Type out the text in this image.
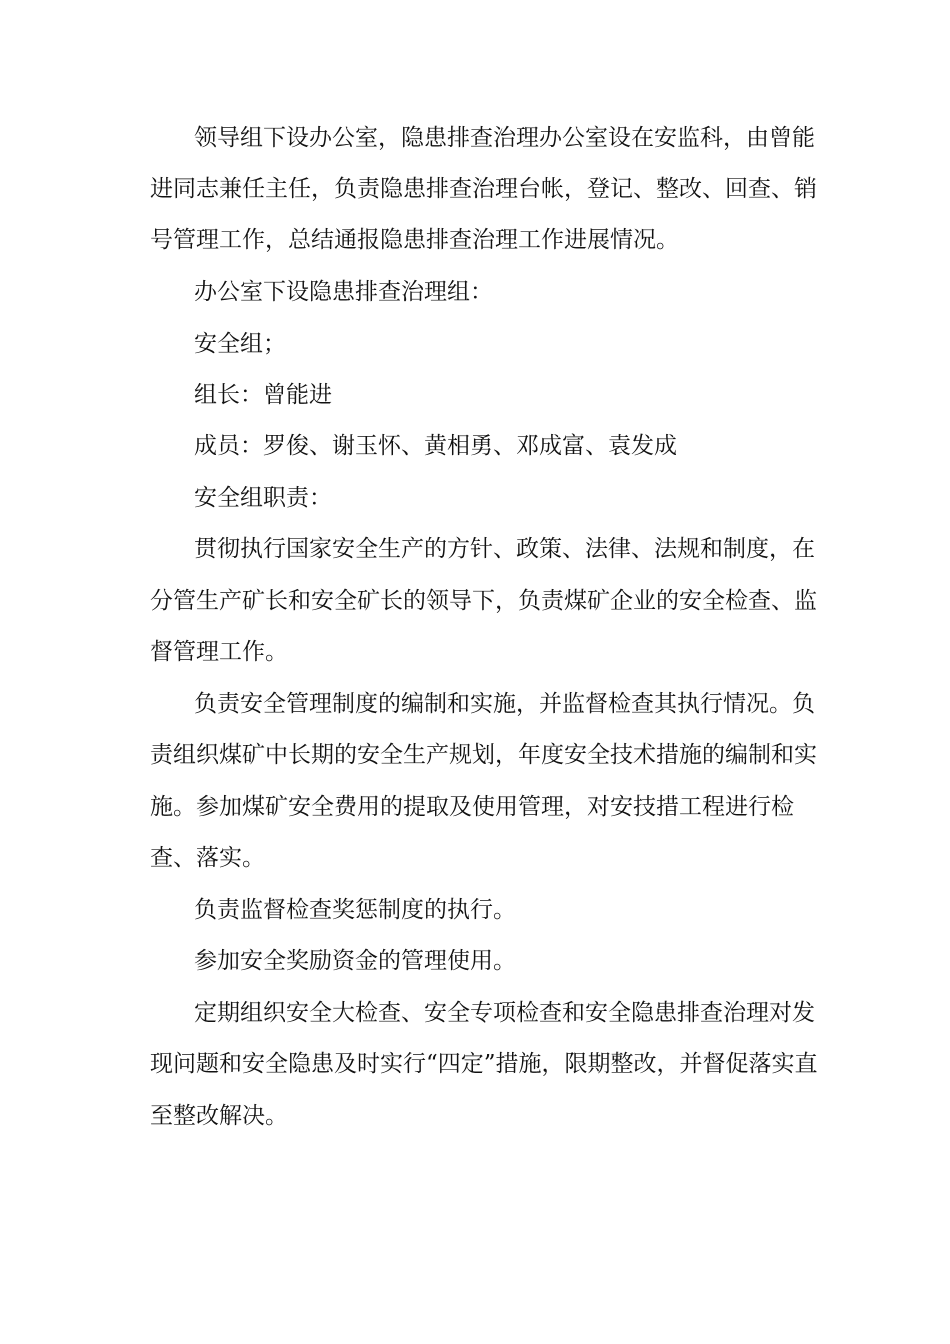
领导组下设办公室，隐患排查治理办公室设在安监科，由曾能
进同志兼任主任，负责隐患排查治理台帐，登记、整改、回查、销
号管理工作，总结通报隐患排查治理工作进展情况。
办公室下设隐患排查治理组：
安全组；
组长：曾能进
成员：罗俊、谢玉怀、黄相勇、邓成富、袁发成
安全组职责：
贯彻执行国家安全生产的方针、政策、法律、法规和制度，在
分管生产矿长和安全矿长的领导下，负责煤矿企业的安全检查、监
督管理工作。
负责安全管理制度的编制和实施，并监督检查其执行情况。负
责组织煤矿中长期的安全生产规划，年度安全技术措施的编制和实
施。参加煤矿安全费用的提取及使用管理，对安技措工程进行检
查、落实。
负责监督检查奖惩制度的执行。
参加安全奖励资金的管理使用。
定期组织安全大检查、安全专项检查和安全隐患排查治理对发
现问题和安全隐患及时实行“四定”措施，限期整改，并督促落实直
至整改解决。
